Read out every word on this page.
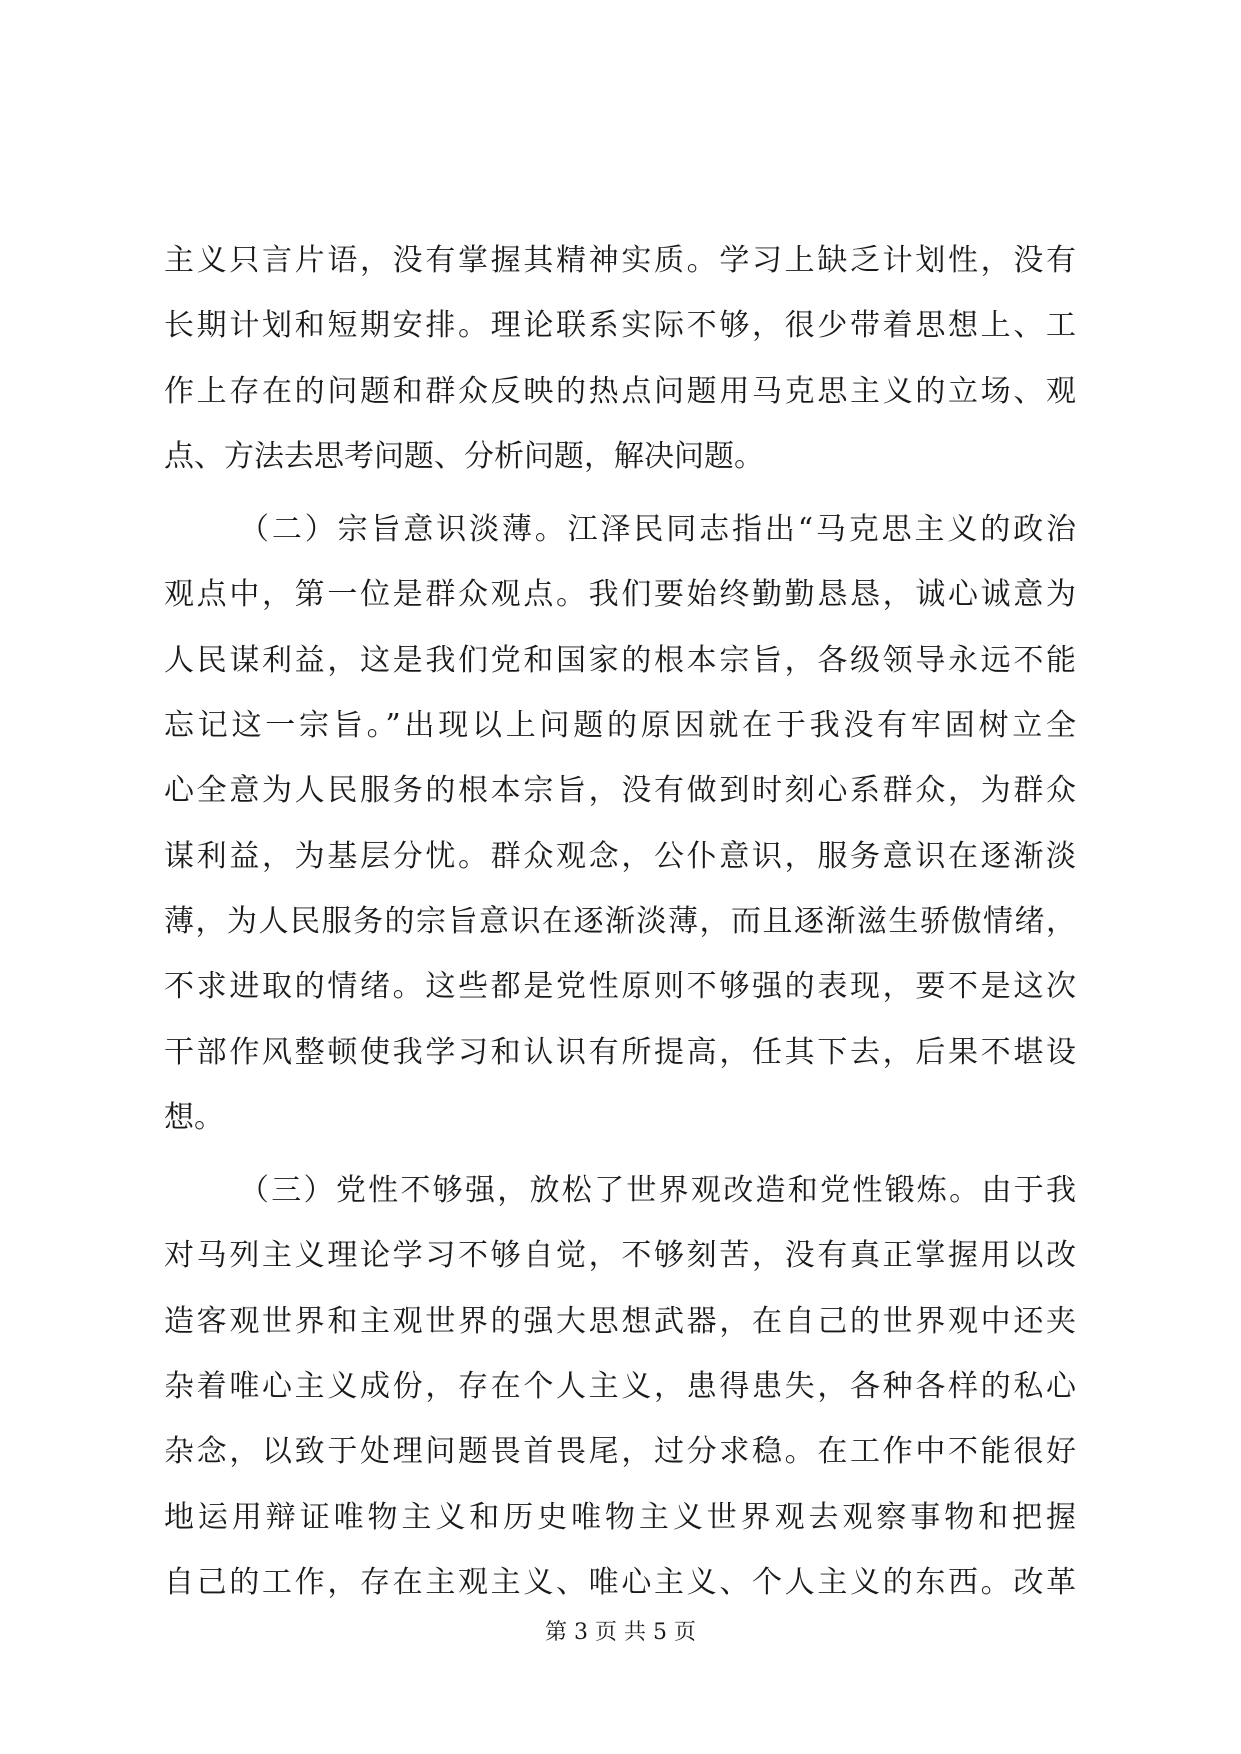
主义只言片语，没有掌握其精神实质。学习上缺乏计划性，没有
长期计划和短期安排。理论联系实际不够，很少带着思想上、工
作上存在的问题和群众反映的热点问题用马克思主义的立场、观
点、方法去思考问题、分析问题，解决问题。
（二）宗旨意识淡薄。江泽民同志指出“马克思主义的政治
观点中，第一位是群众观点。我们要始终勤勤恳恳，诚心诚意为
人民谋利益，这是我们党和国家的根本宗旨，各级领导永远不能
忘记这一宗旨。”出现以上问题的原因就在于我没有牢固树立全
心全意为人民服务的根本宗旨，没有做到时刻心系群众，为群众
谋利益，为基层分忧。群众观念，公仆意识，服务意识在逐渐淡
薄，为人民服务的宗旨意识在逐渐淡薄，而且逐渐滋生骄傲情绪，
不求进取的情绪。这些都是党性原则不够强的表现，要不是这次
干部作风整顿使我学习和认识有所提高，任其下去，后果不堪设
想。
（三）党性不够强，放松了世界观改造和党性锻炼。由于我
对马列主义理论学习不够自觉，不够刻苦，没有真正掌握用以改
造客观世界和主观世界的强大思想武器，在自己的世界观中还夹
杂着唯心主义成份，存在个人主义，患得患失，各种各样的私心
杂念，以致于处理问题畏首畏尾，过分求稳。在工作中不能很好
地运用辩证唯物主义和历史唯物主义世界观去观察事物和把握
自己的工作，存在主观主义、唯心主义、个人主义的东西。改革
第 3 页 共 5 页
